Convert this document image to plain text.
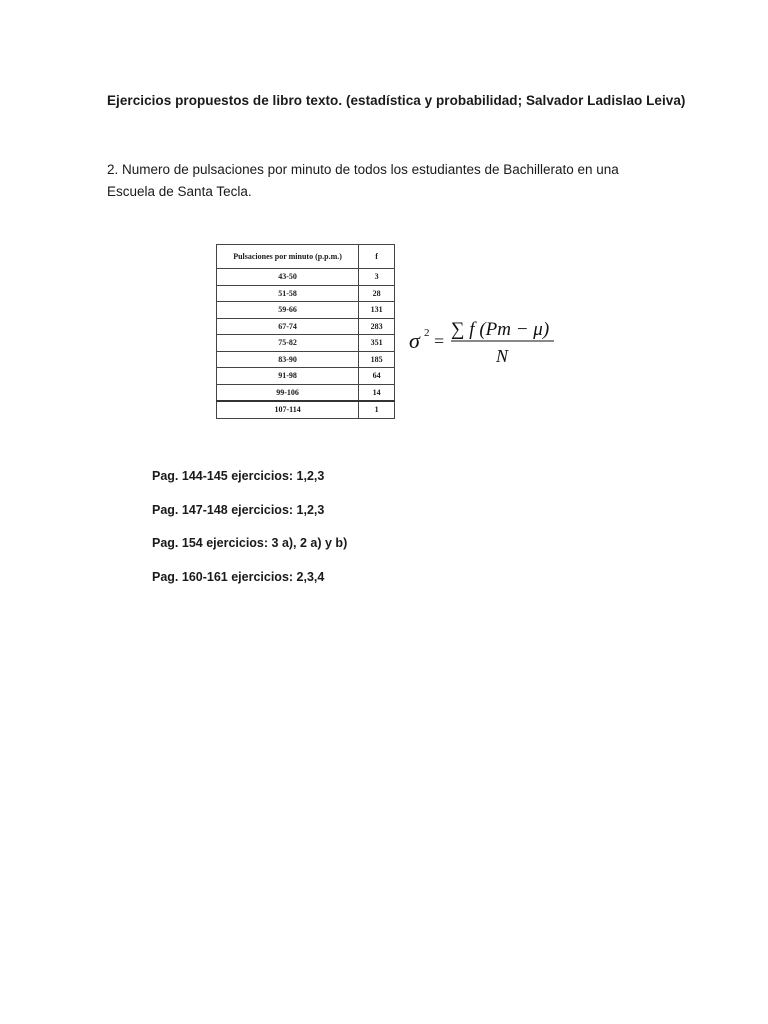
Ejercicios propuestos de libro texto. (estadística y probabilidad; Salvador Ladislao Leiva)
2. Numero de pulsaciones por minuto de todos los estudiantes de Bachillerato en una Escuela de Santa Tecla.
Pulsaciones por minuto (p.p.m.)	f
43-50	3
51-58	28
59-66	131
67-74	283
75-82	351
83-90	185
91-98	64
99-106	14
107-114	1
σ 2 =
∑ f (Pm − μ)
N
Pag. 144-145 ejercicios: 1,2,3
Pag. 147-148 ejercicios: 1,2,3
Pag. 154 ejercicios: 3 a), 2 a) y b)
Pag. 160-161 ejercicios: 2,3,4
